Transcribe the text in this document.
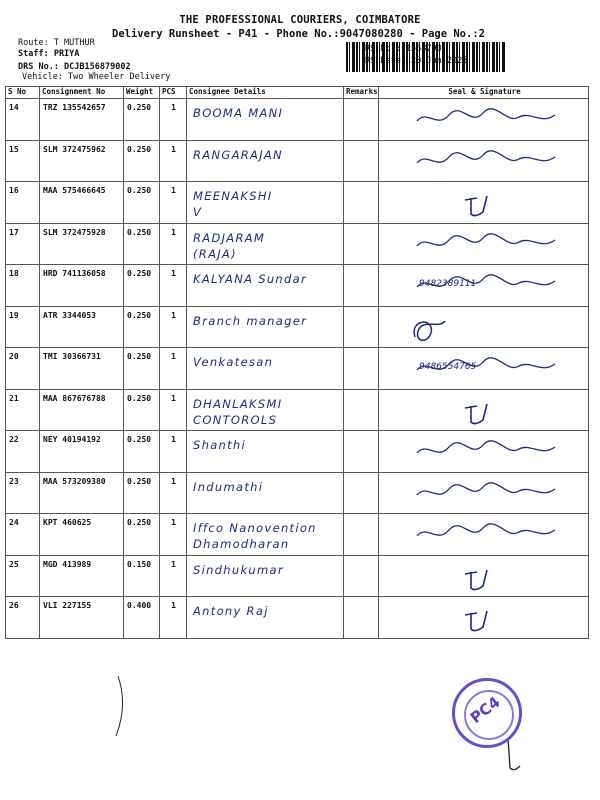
THE PROFESSIONAL COURIERS, COIMBATORE
Delivery Runsheet - P41 - Phone No.:9047080280 - Page No.:2
Route: T MUTHUR
Staff: PRIYA
DRS No.: DCJB156879002
Vehicle: Two Wheeler Delivery
RS No.: 1568790
RS Date: 20-Jun-2025
S No	Consignment No	Weight	PCS	Consignee Details	Remarks	Seal & Signature

14	TRZ 135542657	0.250	1	BOOMA MANI

15	SLM 372475962	0.250	1	RANGARAJAN

16	MAA 575466645	0.250	1	MEENAKSHI
V

17	SLM 372475928	0.250	1	RADJARAM
(RAJA)

18	HRD 741136058	0.250	1	KALYANA Sundar		9482389111

19	ATR 3344053	0.250	1	Branch manager

20	TMI 30366731	0.250	1	Venkatesan		9486554765

21	MAA 867676788	0.250	1	DHANLAKSMI
CONTOROLS

22	NEY 40194192	0.250	1	Shanthi

23	MAA 573209380	0.250	1	Indumathi

24	KPT 460625	0.250	1	Iffco Nanovention
Dhamodharan

25	MGD 413989	0.150	1	Sindhukumar

26	VLI 227155	0.400	1	Antony Raj

PC4
